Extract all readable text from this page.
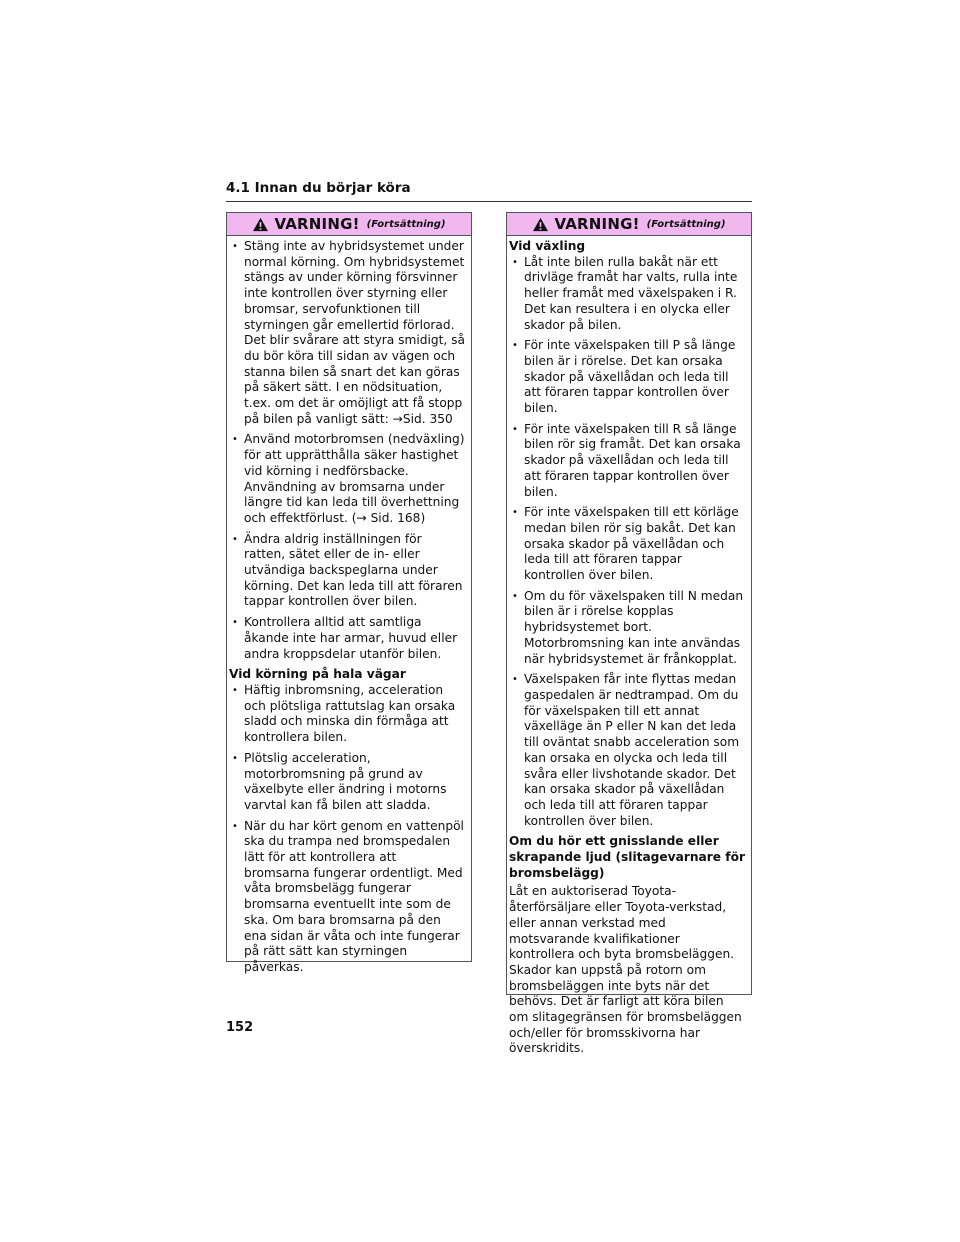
4.1 Innan du börjar köra
VARNING! (Fortsättning)
• Stäng inte av hybridsystemet under normal körning. Om hybridsystemet stängs av under körning försvinner inte kontrollen över styrning eller bromsar, servofunktionen till styrningen går emellertid förlorad. Det blir svårare att styra smidigt, så du bör köra till sidan av vägen och stanna bilen så snart det kan göras på säkert sätt. I en nödsituation, t.ex. om det är omöjligt att få stopp på bilen på vanligt sätt: →Sid. 350
• Använd motorbromsen (nedväxling) för att upprätthålla säker hastighet vid körning i nedförsbacke. Användning av bromsarna under längre tid kan leda till överhettning och effektförlust. (→ Sid. 168)
• Ändra aldrig inställningen för ratten, sätet eller de in- eller utvändiga backspeglarna under körning. Det kan leda till att föraren tappar kontrollen över bilen.
• Kontrollera alltid att samtliga åkande inte har armar, huvud eller andra kroppsdelar utanför bilen.
Vid körning på hala vägar
• Häftig inbromsning, acceleration och plötsliga rattutslag kan orsaka sladd och minska din förmåga att kontrollera bilen.
• Plötslig acceleration, motorbromsning på grund av växelbyte eller ändring i motorns varvtal kan få bilen att sladda.
• När du har kört genom en vattenpöl ska du trampa ned bromspedalen lätt för att kontrollera att bromsarna fungerar ordentligt. Med våta bromsbelägg fungerar bromsarna eventuellt inte som de ska. Om bara bromsarna på den ena sidan är våta och inte fungerar på rätt sätt kan styrningen påverkas.
VARNING! (Fortsättning)
Vid växling
• Låt inte bilen rulla bakåt när ett drivläge framåt har valts, rulla inte heller framåt med växelspaken i R. Det kan resultera i en olycka eller skador på bilen.
• För inte växelspaken till P så länge bilen är i rörelse. Det kan orsaka skador på växellådan och leda till att föraren tappar kontrollen över bilen.
• För inte växelspaken till R så länge bilen rör sig framåt. Det kan orsaka skador på växellådan och leda till att föraren tappar kontrollen över bilen.
• För inte växelspaken till ett körläge medan bilen rör sig bakåt. Det kan orsaka skador på växellådan och leda till att föraren tappar kontrollen över bilen.
• Om du för växelspaken till N medan bilen är i rörelse kopplas hybridsystemet bort. Motorbromsning kan inte användas när hybridsystemet är frånkopplat.
• Växelspaken får inte flyttas medan gaspedalen är nedtrampad. Om du för växelspaken till ett annat växelläge än P eller N kan det leda till oväntat snabb acceleration som kan orsaka en olycka och leda till svåra eller livshotande skador. Det kan orsaka skador på växellådan och leda till att föraren tappar kontrollen över bilen.
Om du hör ett gnisslande eller skrapande ljud (slitagevarnare för bromsbelägg)
Låt en auktoriserad Toyota-återförsäljare eller Toyota-verkstad, eller annan verkstad med motsvarande kvalifikationer kontrollera och byta bromsbeläggen. Skador kan uppstå på rotorn om bromsbeläggen inte byts när det behövs. Det är farligt att köra bilen om slitagegränsen för bromsbeläggen och/eller för bromsskivorna har överskridits.
152
